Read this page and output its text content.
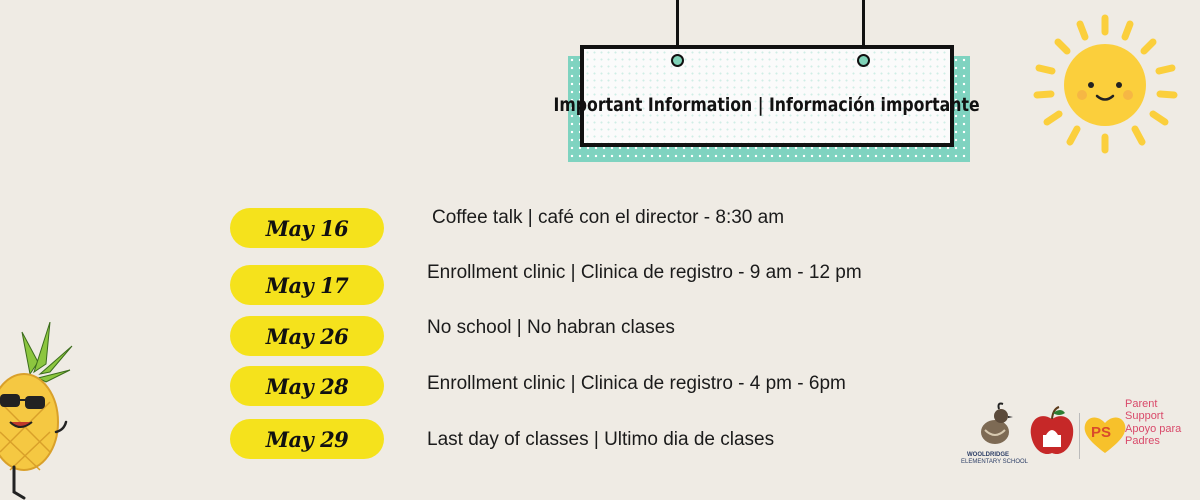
Important Information | Información importante
May 16
May 17
May 26
May 28
May 29
Coffee talk | café con el director - 8:30 am
Enrollment clinic | Clinica de registro - 9 am - 12 pm
No school | No habran clases
Enrollment clinic | Clinica de registro - 4 pm - 6pm
Last day of classes | Ultimo dia de clases
WOOLDRIDGE
ELEMENTARY SCHOOL
PS
Parent
Support
Apoyo para
Padres
